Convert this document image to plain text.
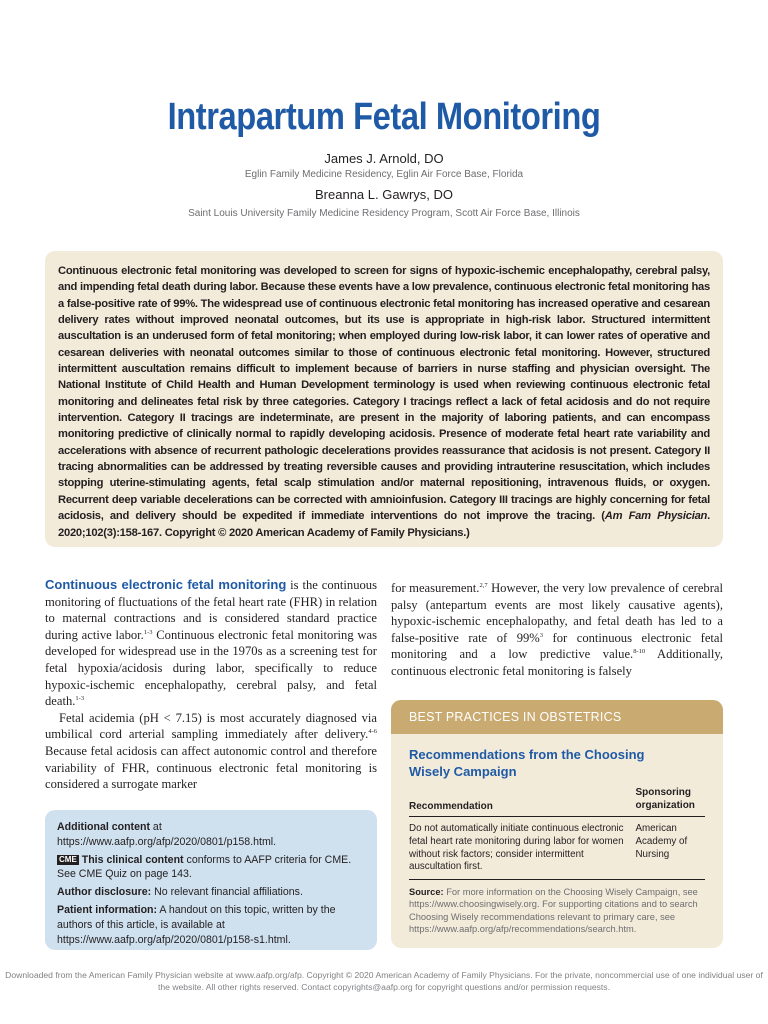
Intrapartum Fetal Monitoring
James J. Arnold, DO
Eglin Family Medicine Residency, Eglin Air Force Base, Florida
Breanna L. Gawrys, DO
Saint Louis University Family Medicine Residency Program, Scott Air Force Base, Illinois

Continuous electronic fetal monitoring was developed to screen for signs of hypoxic-ischemic encephalopathy, cerebral palsy, and impending fetal death during labor. Because these events have a low prevalence, continuous electronic fetal monitoring has a false-positive rate of 99%. The widespread use of continuous electronic fetal monitoring has increased operative and cesarean delivery rates without improved neonatal outcomes, but its use is appropriate in high-risk labor. Structured intermittent auscultation is an underused form of fetal monitoring; when employed during low-risk labor, it can lower rates of operative and cesarean deliveries with neonatal outcomes similar to those of continuous electronic fetal monitoring. However, structured intermittent auscultation remains difficult to implement because of barriers in nurse staffing and physician oversight. The National Institute of Child Health and Human Development terminology is used when reviewing continuous electronic fetal monitoring and delineates fetal risk by three categories. Category I tracings reflect a lack of fetal acidosis and do not require intervention. Category II tracings are indeterminate, are present in the majority of laboring patients, and can encompass monitoring predictive of clinically normal to rapidly developing acidosis. Presence of moderate fetal heart rate variability and accelerations with absence of recurrent pathologic decelerations provides reassurance that acidosis is not present. Category II tracing abnormalities can be addressed by treating reversible causes and providing intrauterine resuscitation, which includes stopping uterine-stimulating agents, fetal scalp stimulation and/or maternal repositioning, intravenous fluids, or oxygen. Recurrent deep variable decelerations can be corrected with amnioinfusion. Category III tracings are highly concerning for fetal acidosis, and delivery should be expedited if immediate interventions do not improve the tracing. (Am Fam Physician. 2020;102(3):158-167. Copyright © 2020 American Academy of Family Physicians.)

Continuous electronic fetal monitoring is the continuous monitoring of fluctuations of the fetal heart rate (FHR) in relation to maternal contractions and is considered standard practice during active labor.$^{1-3}$ Continuous electronic fetal monitoring was developed for widespread use in the 1970s as a screening test for fetal hypoxia/acidosis during labor, specifically to reduce hypoxic-ischemic encephalopathy, cerebral palsy, and fetal death.$^{1-3}$

Fetal acidemia (pH < 7.15) is most accurately diagnosed via umbilical cord arterial sampling immediately after delivery.$^{4-6}$ Because fetal acidosis can affect autonomic control and therefore variability of FHR, continuous electronic fetal monitoring is considered a surrogate marker

for measurement.$^{2,7}$ However, the very low prevalence of cerebral palsy (antepartum events are most likely causative agents), hypoxic-ischemic encephalopathy, and fetal death has led to a false-positive rate of 99%$^3$ for continuous electronic fetal monitoring and a low predictive value.$^{8-10}$ Additionally, continuous electronic fetal monitoring is falsely

Additional content at https://www.aafp.org/afp/2020/0801/p158.html.

CME This clinical content conforms to AAFP criteria for CME. See CME Quiz on page 143.

Author disclosure: No relevant financial affiliations.

Patient information: A handout on this topic, written by the authors of this article, is available at https://www.aafp.org/afp/2020/0801/p158-s1.html.

BEST PRACTICES IN OBSTETRICS
Recommendations from the Choosing Wisely Campaign
Recommendation
Sponsoring organization
Do not automatically initiate continuous electronic fetal heart rate monitoring during labor for women without risk factors; consider intermittent auscultation first.
American Academy of Nursing
Source: For more information on the Choosing Wisely Campaign, see https://www.choosingwisely.org. For supporting citations and to search Choosing Wisely recommendations relevant to primary care, see https://www.aafp.org/afp/recommendations/search.htm.
Downloaded from the American Family Physician website at www.aafp.org/afp. Copyright © 2020 American Academy of Family Physicians. For the private, noncommercial use of one individual user of the website. All other rights reserved. Contact copyrights@aafp.org for copyright questions and/or permission requests.
